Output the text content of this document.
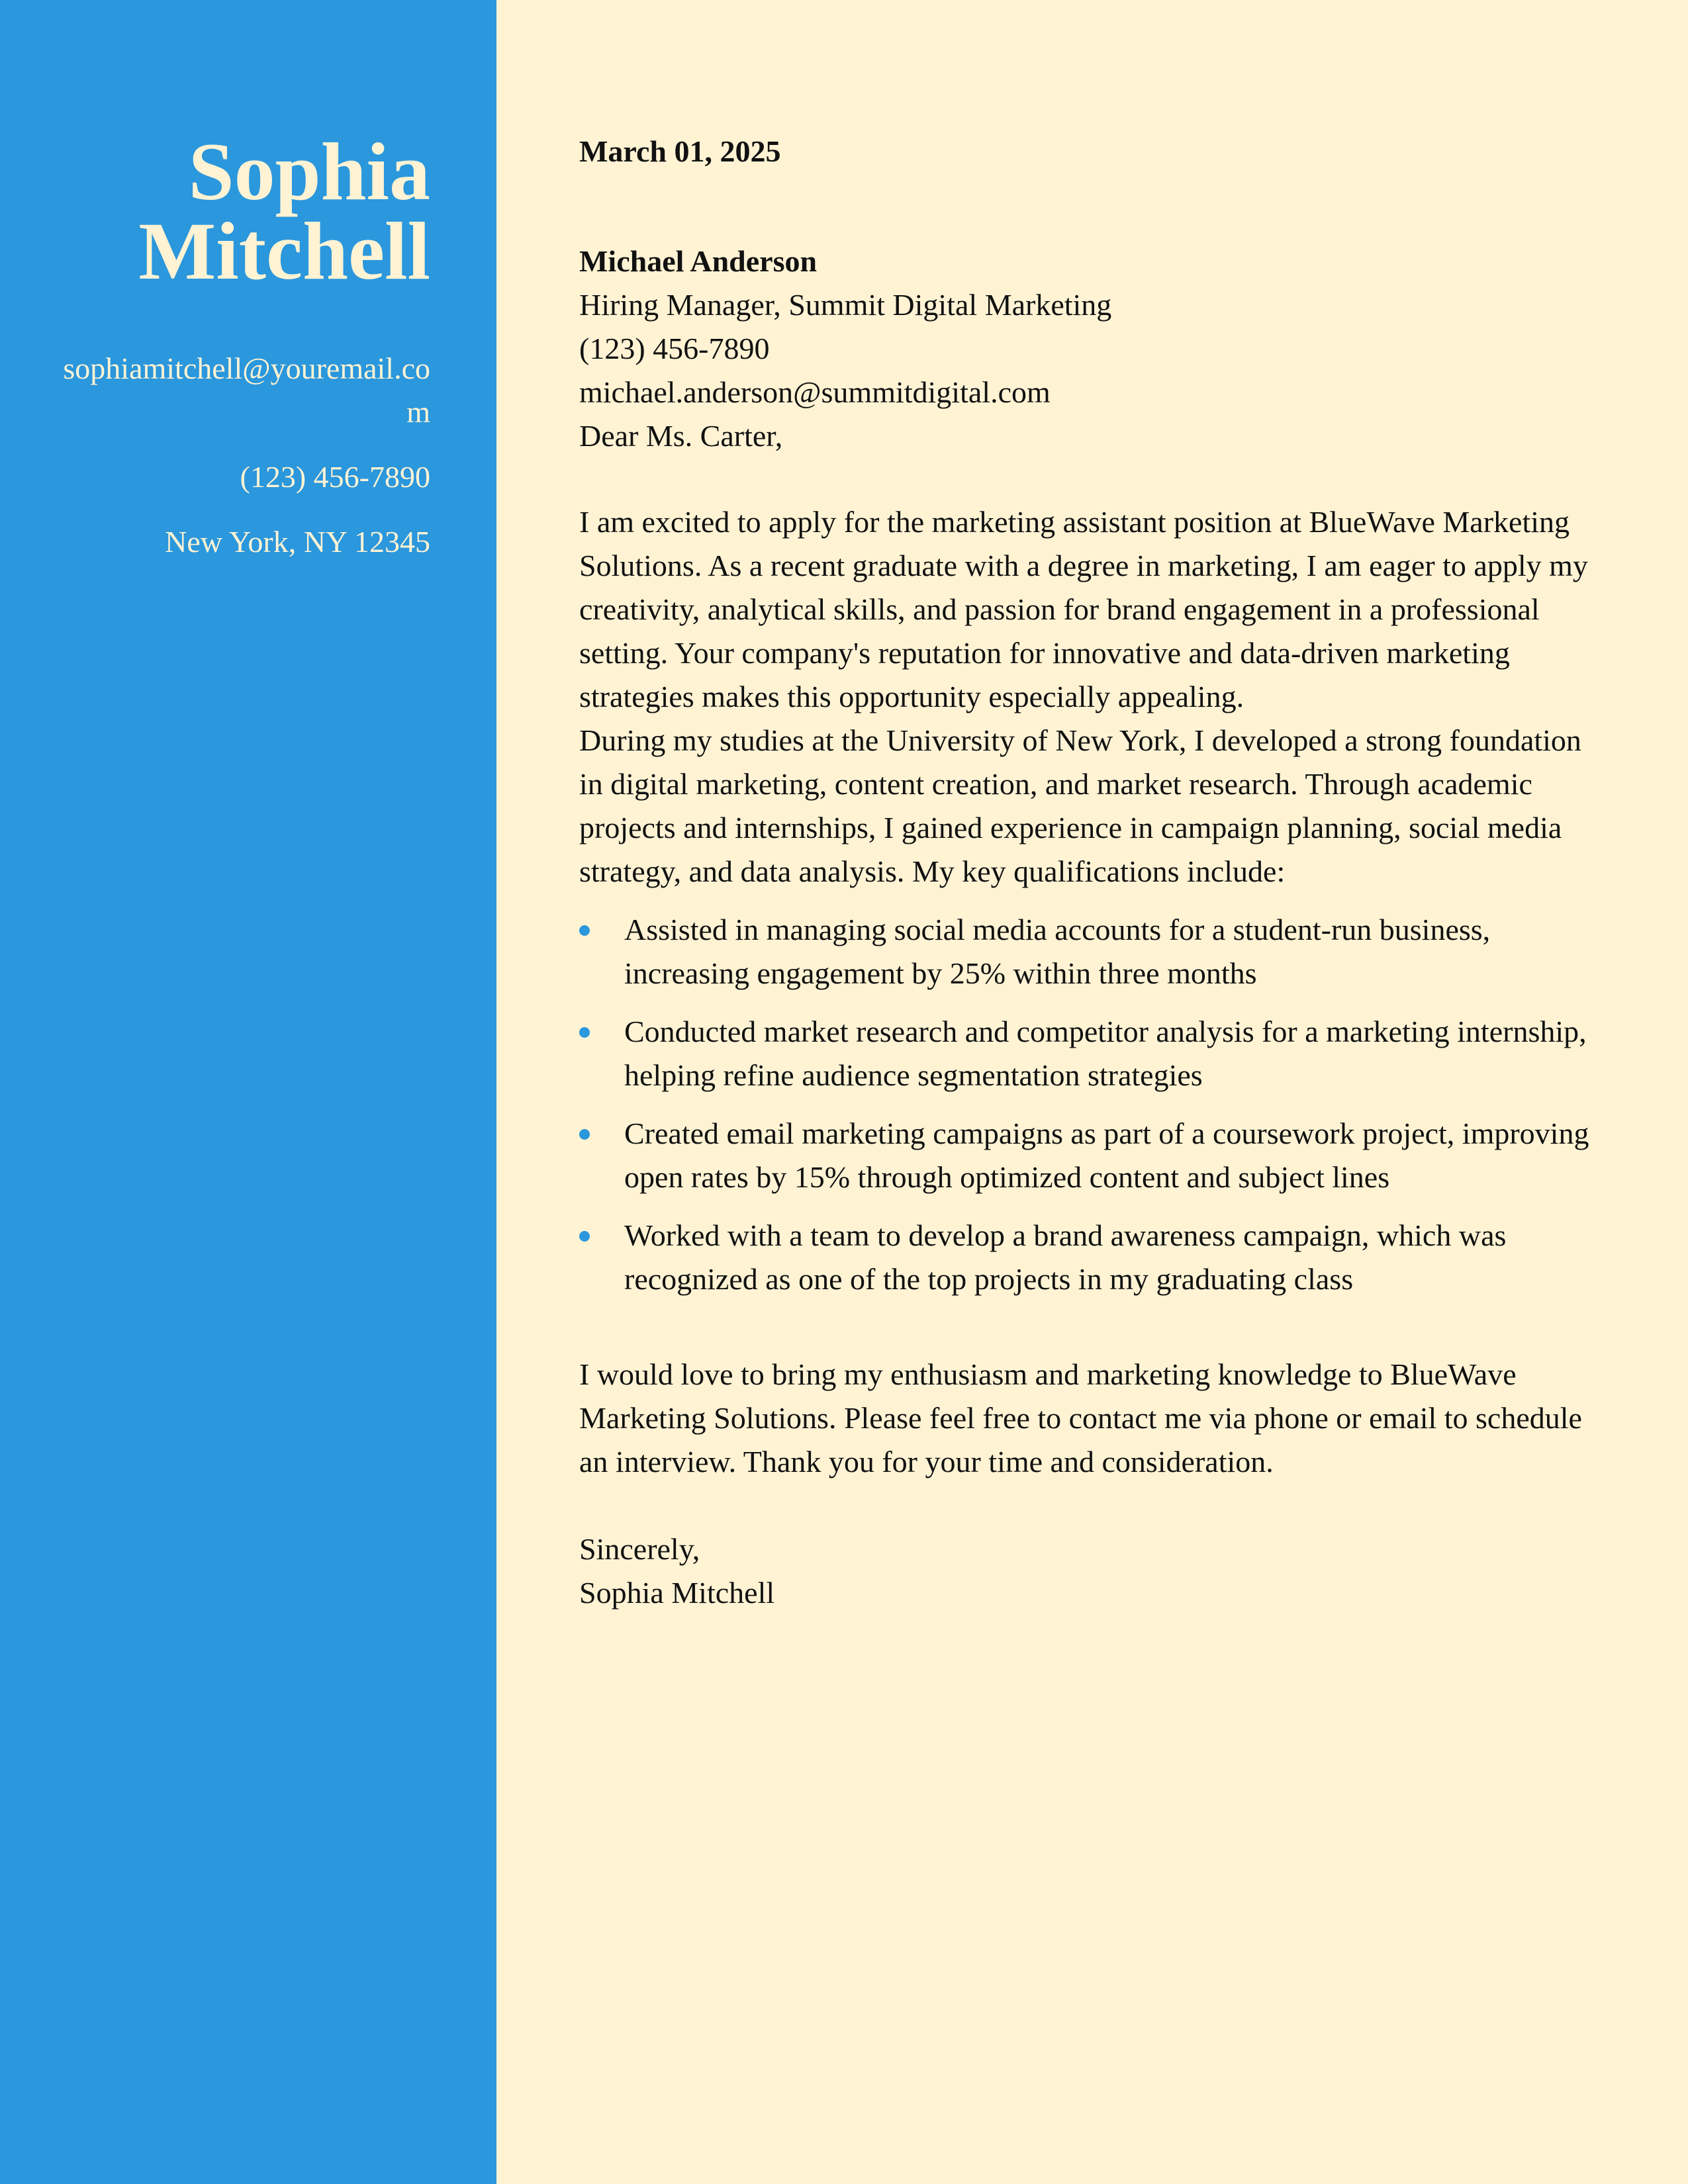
Sophia
Mitchell

sophiamitchell@youremail.com

(123) 456-7890

New York, NY 12345

March 01, 2025

Michael Anderson
Hiring Manager, Summit Digital Marketing
(123) 456-7890
michael.anderson@summitdigital.com

Dear Ms. Carter,

I am excited to apply for the marketing assistant position at BlueWave Marketing Solutions. As a recent graduate with a degree in marketing, I am eager to apply my creativity, analytical skills, and passion for brand engagement in a professional setting. Your company's reputation for innovative and data-driven marketing strategies makes this opportunity especially appealing.

During my studies at the University of New York, I developed a strong foundation in digital marketing, content creation, and market research. Through academic projects and internships, I gained experience in campaign planning, social media strategy, and data analysis. My key qualifications include:

Assisted in managing social media accounts for a student-run business, increasing engagement by 25% within three months
Conducted market research and competitor analysis for a marketing internship, helping refine audience segmentation strategies
Created email marketing campaigns as part of a coursework project, improving open rates by 15% through optimized content and subject lines
Worked with a team to develop a brand awareness campaign, which was recognized as one of the top projects in my graduating class

I would love to bring my enthusiasm and marketing knowledge to BlueWave Marketing Solutions. Please feel free to contact me via phone or email to schedule an interview. Thank you for your time and consideration.

Sincerely,
Sophia Mitchell
